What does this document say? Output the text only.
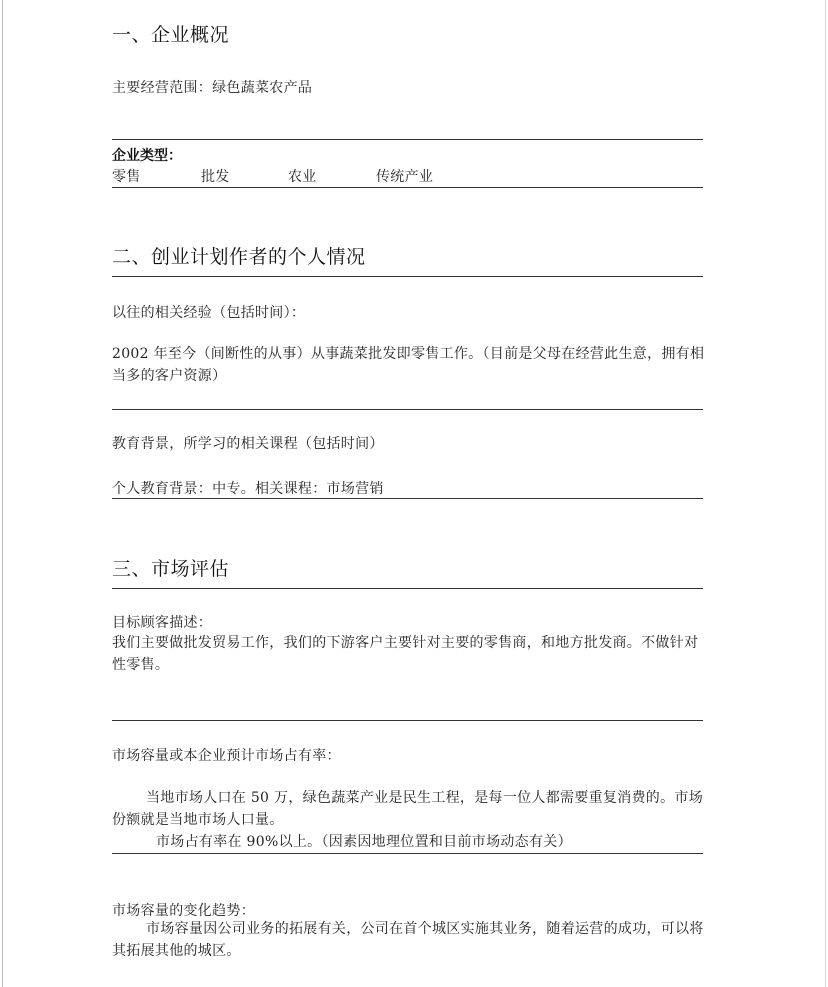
一、企业概况
主要经营范围：绿色蔬菜农产品
企业类型：
零售	批发	农业	传统产业
二、创业计划作者的个人情况
以往的相关经验（包括时间）：
2002 年至今（间断性的从事）从事蔬菜批发即零售工作。（目前是父母在经营此生意，拥有相当多的客户资源）
教育背景，所学习的相关课程（包括时间）
个人教育背景：中专。相关课程：市场营销
三、市场评估
目标顾客描述：
我们主要做批发贸易工作，我们的下游客户主要针对主要的零售商，和地方批发商。不做针对性零售。
市场容量或本企业预计市场占有率：
当地市场人口在 50 万，绿色蔬菜产业是民生工程，是每一位人都需要重复消费的。市场份额就是当地市场人口量。
市场占有率在 90%以上。（因素因地理位置和目前市场动态有关）
市场容量的变化趋势：
市场容量因公司业务的拓展有关，公司在首个城区实施其业务，随着运营的成功，可以将其拓展其他的城区。
